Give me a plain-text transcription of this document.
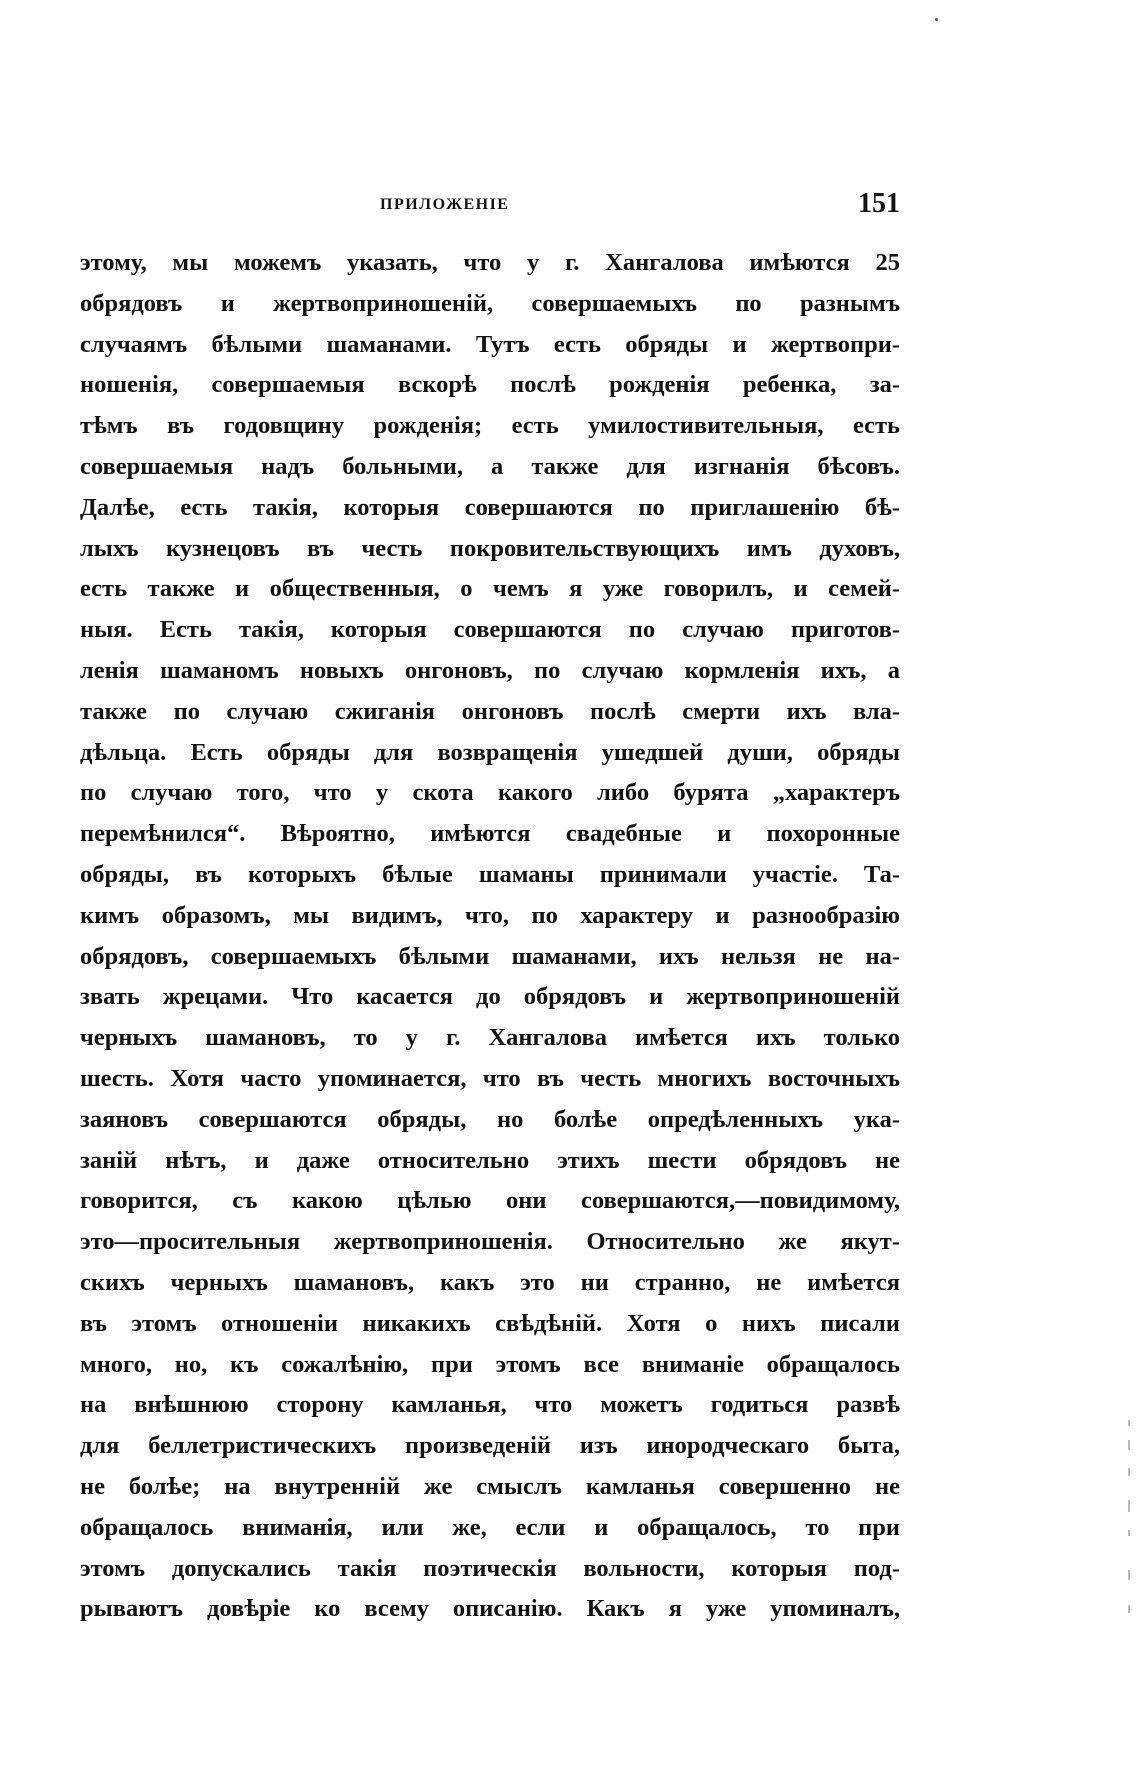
ПРИЛОЖЕНІЕ	151
этому, мы можемъ указать, что у г. Хангалова имѣются 25
обрядовъ и жертвоприношеній, совершаемыхъ по разнымъ
случаямъ бѣлыми шаманами. Тутъ есть обряды и жертвопри-
ношенія, совершаемыя вскорѣ послѣ рожденія ребенка, за-
тѣмъ въ годовщину рожденія; есть умилостивительныя, есть
совершаемыя надъ больными, а также для изгнанія бѣсовъ.
Далѣе, есть такія, которыя совершаются по приглашенію бѣ-
лыхъ кузнецовъ въ честь покровительствующихъ имъ духовъ,
есть также и общественныя, о чемъ я уже говорилъ, и семей-
ныя. Есть такія, которыя совершаются по случаю приготов-
ленія шаманомъ новыхъ онгоновъ, по случаю кормленія ихъ, а
также по случаю сжиганія онгоновъ послѣ смерти ихъ вла-
дѣльца. Есть обряды для возвращенія ушедшей души, обряды
по случаю того, что у скота какого либо бурята „характеръ
перемѣнился“. Вѣроятно, имѣются свадебные и похоронные
обряды, въ которыхъ бѣлые шаманы принимали участіе. Та-
кимъ образомъ, мы видимъ, что, по характеру и разнообразію
обрядовъ, совершаемыхъ бѣлыми шаманами, ихъ нельзя не на-
звать жрецами. Что касается до обрядовъ и жертвоприношеній
черныхъ шамановъ, то у г. Хангалова имѣется ихъ только
шесть. Хотя часто упоминается, что въ честь многихъ восточныхъ
заяновъ совершаются обряды, но болѣе опредѣленныхъ ука-
заній нѣтъ, и даже относительно этихъ шести обрядовъ не
говорится, съ какою цѣлью они совершаются,—повидимому,
это—просительныя жертвоприношенія. Относительно же якут-
скихъ черныхъ шамановъ, какъ это ни странно, не имѣется
въ этомъ отношеніи никакихъ свѣдѣній. Хотя о нихъ писали
много, но, къ сожалѣнію, при этомъ все вниманіе обращалось
на внѣшнюю сторону камланья, что можетъ годиться развѣ
для беллетристическихъ произведеній изъ инородческаго быта,
не болѣе; на внутренній же смыслъ камланья совершенно не
обращалось вниманія, или же, если и обращалось, то при
этомъ допускались такія поэтическія вольности, которыя под-
рываютъ довѣріе ко всему описанію. Какъ я уже упоминалъ,
